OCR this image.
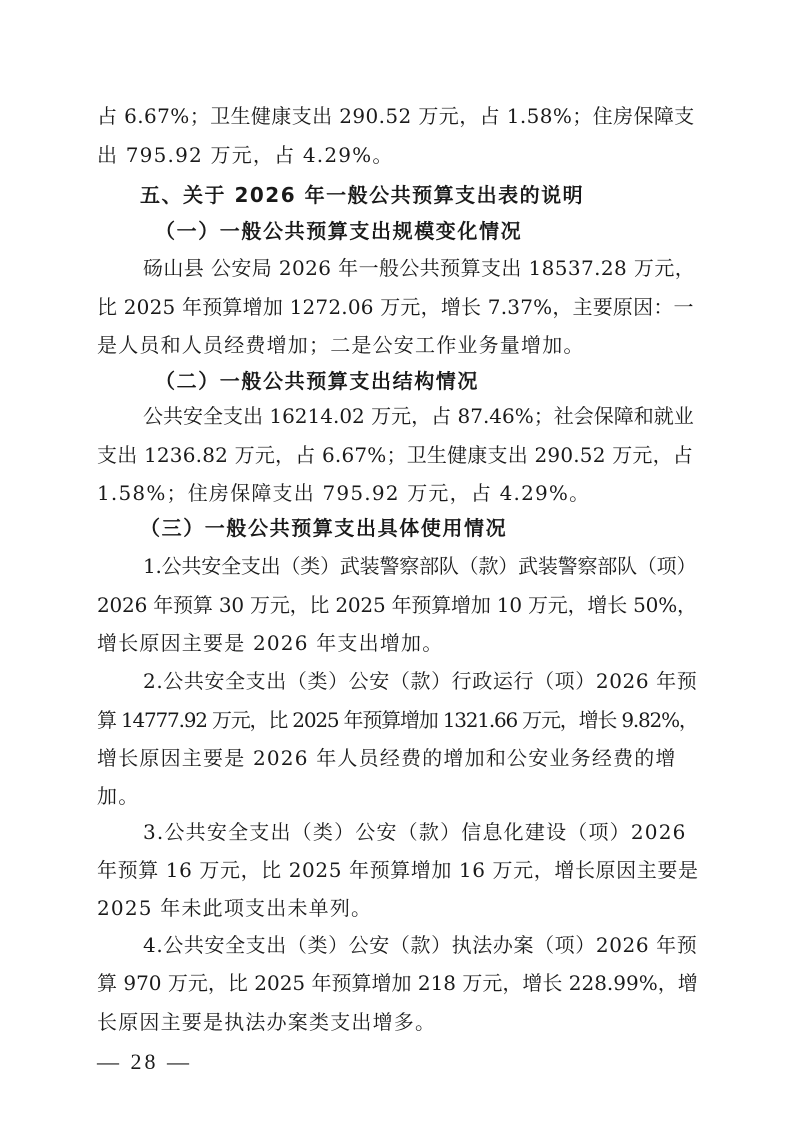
占 6.67%；卫生健康支出 290.52 万元，占 1.58%；住房保障支
出 795.92 万元，占 4.29%。
五、关于 2026 年一般公共预算支出表的说明
（一）一般公共预算支出规模变化情况
砀山县 公安局 2026 年一般公共预算支出 18537.28 万元，
比 2025 年预算增加 1272.06 万元，增长 7.37%，主要原因：一
是人员和人员经费增加；二是公安工作业务量增加。
（二）一般公共预算支出结构情况
公共安全支出 16214.02 万元，占 87.46%；社会保障和就业
支出 1236.82 万元，占 6.67%；卫生健康支出 290.52 万元，占
1.58%；住房保障支出 795.92 万元，占 4.29%。
（三）一般公共预算支出具体使用情况
1.公共安全支出（类）武装警察部队（款）武装警察部队（项）
2026 年预算 30 万元，比 2025 年预算增加 10 万元，增长 50%，
增长原因主要是 2026 年支出增加。
2.公共安全支出（类）公安（款）行政运行（项）2026 年预
算 14777.92 万元，比 2025 年预算增加 1321.66 万元，增长 9.82%，
增长原因主要是 2026 年人员经费的增加和公安业务经费的增
加。
3.公共安全支出（类）公安（款）信息化建设（项）2026
年预算 16 万元，比 2025 年预算增加 16 万元，增长原因主要是
2025 年未此项支出未单列。
4.公共安全支出（类）公安（款）执法办案（项）2026 年预
算 970 万元，比 2025 年预算增加 218 万元，增长 228.99%，增
长原因主要是执法办案类支出增多。
— 28 —
